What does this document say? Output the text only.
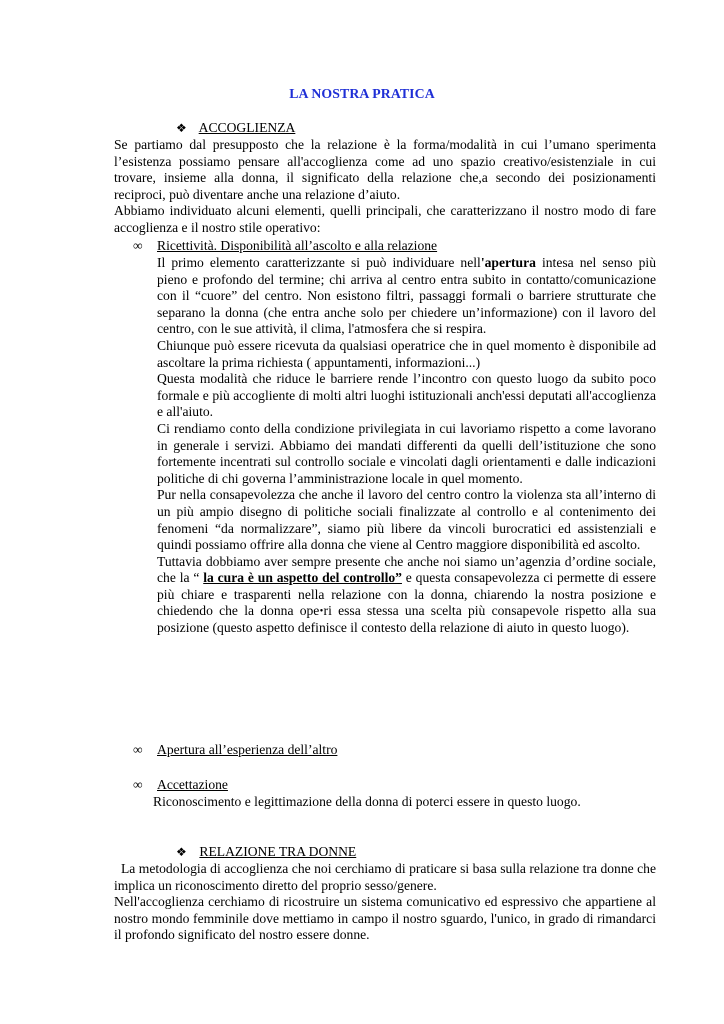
LA NOSTRA PRATICA
❖ ACCOGLIENZA

Se partiamo dal presupposto che la relazione è la forma/modalità in cui l’umano sperimenta l’esistenza possiamo pensare all'accoglienza come ad uno spazio creativo/esistenziale in cui trovare, insieme alla donna, il significato della relazione che,a secondo dei posizionamenti reciproci, può diventare anche una relazione d’aiuto.

Abbiamo individuato alcuni elementi, quelli principali, che caratterizzano il nostro modo di fare accoglienza e il nostro stile operativo:

∞ Ricettività. Disponibilità all’ascolto e alla relazione

Il primo elemento caratterizzante si può individuare nell'apertura intesa nel senso più pieno e profondo del termine; chi arriva al centro entra subito in contatto/comunicazione con il “cuore” del centro. Non esistono filtri, passaggi formali o barriere strutturate che separano la donna (che entra anche solo per chiedere un’informazione) con il lavoro del centro, con le sue attività, il clima, l'atmosfera che si respira.

Chiunque può essere ricevuta da qualsiasi operatrice che in quel momento è disponibile ad ascoltare la prima richiesta ( appuntamenti, informazioni...)

Questa modalità che riduce le barriere rende l’incontro con questo luogo da subito poco formale e più accogliente di molti altri luoghi istituzionali anch'essi deputati all'accoglienza e all'aiuto.

Ci rendiamo conto della condizione privilegiata in cui lavoriamo rispetto a come lavorano in generale i servizi. Abbiamo dei mandati differenti da quelli dell’istituzione che sono fortemente incentrati sul controllo sociale e vincolati dagli orientamenti e dalle indicazioni politiche di chi governa l’amministrazione locale in quel momento.

Pur nella consapevolezza che anche il lavoro del centro contro la violenza sta all’interno di un più ampio disegno di politiche sociali finalizzate al controllo e al contenimento dei fenomeni “da normalizzare”, siamo più libere da vincoli burocratici ed assistenziali e quindi possiamo offrire alla donna che viene al Centro maggiore disponibilità ed ascolto.

Tuttavia dobbiamo aver sempre presente che anche noi siamo un’agenzia d’ordine sociale, che la “ la cura è un aspetto del controllo” e questa consapevolezza ci permette di essere più chiare e trasparenti nella relazione con la donna, chiarendo la nostra posizione e chiedendo che la donna opeꞏri essa stessa una scelta più consapevole rispetto alla sua posizione (questo aspetto definisce il contesto della relazione di aiuto in questo luogo).

∞ Apertura all’esperienza dell’altro
∞ Accettazione

Riconoscimento e legittimazione della donna di poterci essere in questo luogo.

❖ RELAZIONE TRA DONNE

La metodologia di accoglienza che noi cerchiamo di praticare si basa sulla relazione tra donne che implica un riconoscimento diretto del proprio sesso/genere.

Nell'accoglienza cerchiamo di ricostruire un sistema comunicativo ed espressivo che appartiene al nostro mondo femminile dove mettiamo in campo il nostro sguardo, l'unico, in grado di rimandarci il profondo significato del nostro essere donne.
